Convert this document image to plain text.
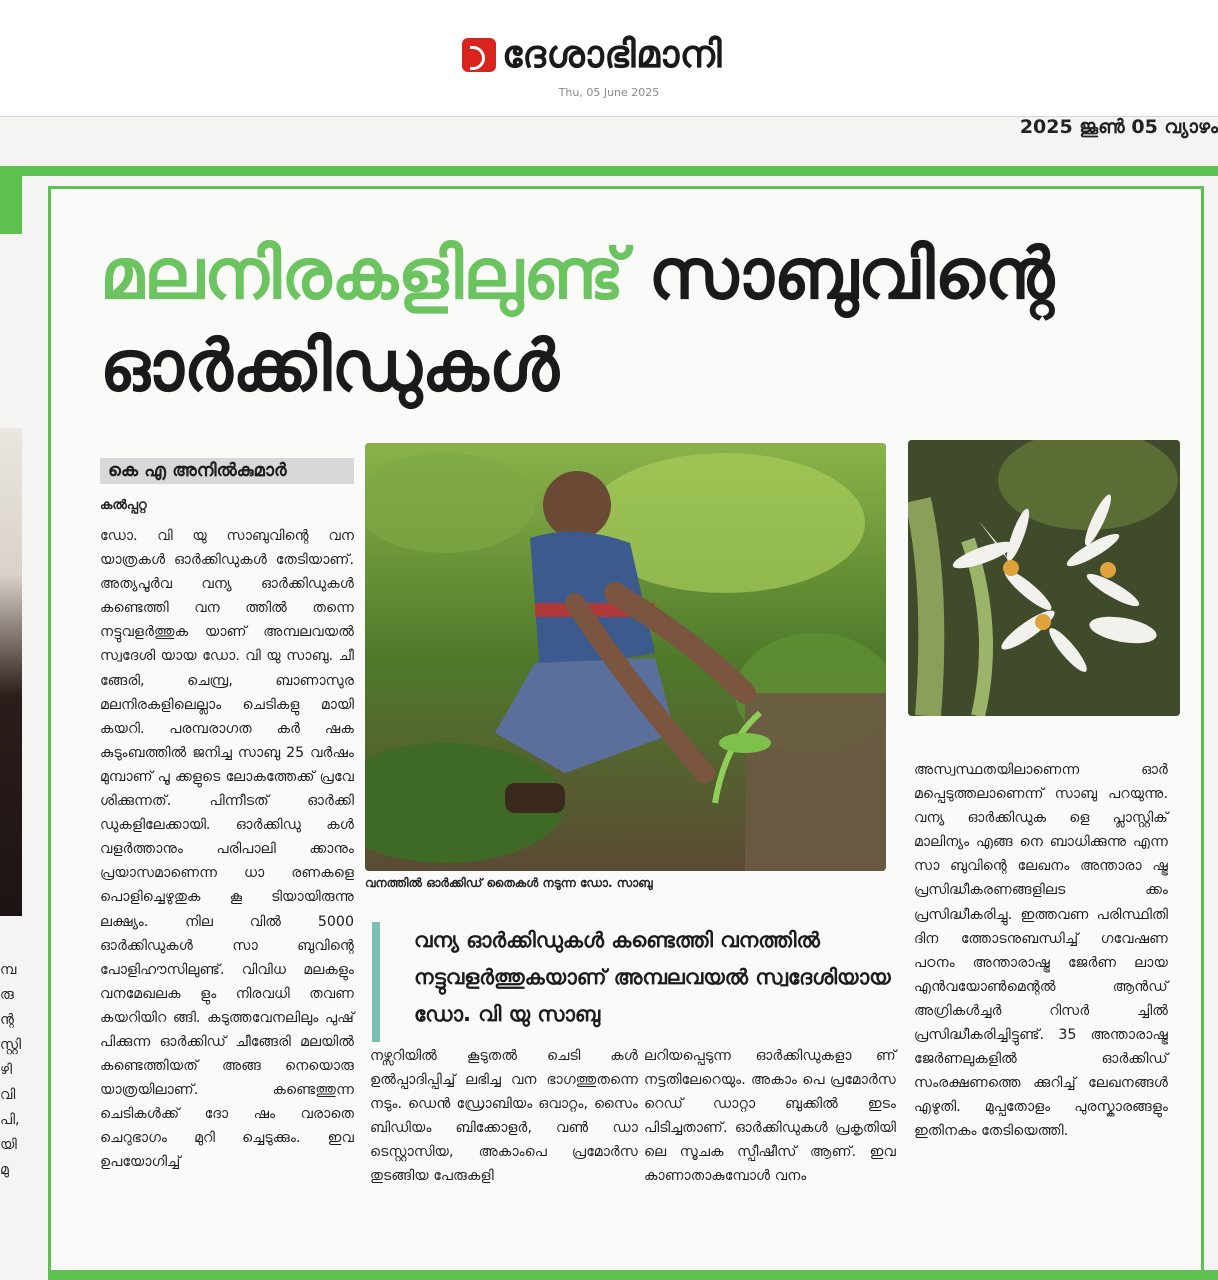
ദേശാഭിമാനി
Thu, 05 June 2025
2025 ജൂൺ 05 വ്യാഴം
മ്പ
രു
ന്റ
സ്റ്റി
ഴി
വി
പി,
യി
മു
മലനിരകളിലുണ്ട് സാബുവിന്റെ
ഓർക്കിഡുകൾ
കെ എ അനിൽകുമാർ
കൽപ്പറ്റ
ഡോ. വി യു സാബുവിന്റെ വന യാത്രകൾ ഓർക്കിഡുകൾ തേടിയാണ്. അത്യപൂർവ വന്യ ഓർക്കിഡുകൾ കണ്ടെത്തി വന ത്തിൽ തന്നെ നട്ടുവളർത്തുക യാണ് അമ്പലവയൽ സ്വദേശി യായ ഡോ. വി യു സാബു. ചീ ങ്ങേരി, ചെമ്പ്ര, ബാണാസുര മലനിരകളിലെല്ലാം ചെടികളു മായി കയറി. പരമ്പരാഗത കർ ഷക കുടുംബത്തിൽ ജനിച്ച സാബു 25 വർഷം മുമ്പാണ് പൂ ക്കളുടെ ലോകത്തേക്ക് പ്രവേ ശിക്കുന്നത്. പിന്നീടത് ഓർക്കി ഡുകളിലേക്കായി. ഓർക്കിഡു കൾ വളർത്താനും പരിപാലി ക്കാനും പ്രയാസമാണെന്ന ധാ രണകളെ പൊളിച്ചെഴുതുക കൂ ടിയായിരുന്നു ലക്ഷ്യം. നില വിൽ 5000 ഓർക്കിഡുകൾ സാ ബുവിന്റെ പോളിഹൗസിലുണ്ട്. വിവിധ മലകളും വനമേഖലക ളും നിരവധി തവണ കയറിയിറ ങ്ങി. കടുത്തവേനലിലും പുഷ് പിക്കുന്ന ഓർക്കിഡ് ചീങ്ങേരി മലയിൽ കണ്ടെത്തിയത് അങ്ങ നെയൊരു യാത്രയിലാണ്. കണ്ടെത്തുന്ന ചെടികൾക്ക് ദോ ഷം വരാതെ ചെറുഭാഗം മുറി ച്ചെടുക്കും. ഇവ ഉപയോഗിച്ച്
വനത്തിൽ ഓർക്കിഡ് തൈകൾ നടുന്ന ഡോ. സാബു
വന്യ ഓർക്കിഡുകൾ കണ്ടെത്തി വനത്തിൽ നട്ടുവളർത്തുകയാണ് അമ്പലവയൽ സ്വദേശിയായ ഡോ. വി യു സാബു
നഴ്സറിയിൽ കൂടുതൽ ചെടി കൾ ഉൽപ്പാദിപ്പിച്ച് ലഭിച്ച വന ഭാഗത്തുതന്നെ നടും. ഡെൻ ഡ്രോബിയം ഒവാറ്റം, സൈം ബിഡിയം ബിക്കോളർ, വൺ ഡാ ടെസ്റ്റാസിയ, അകാംപെ പ്രമോർസ തുടങ്ങിയ പേരുകളി
ലറിയപ്പെടുന്ന ഓർക്കിഡുകളാ ണ് നട്ടതിലേറെയും. അകാം പെ പ്രമോർസ റെഡ് ഡാറ്റാ ബുക്കിൽ ഇടം പിടിച്ചതാണ്. ഓർക്കിഡുകൾ പ്രകൃതിയി ലെ സൂചക സ്പീഷീസ് ആണ്. ഇവ കാണാതാകുമ്പോൾ വനം
അസ്വസ്ഥതയിലാണെന്ന ഓർ മപ്പെടുത്തലാണെന്ന് സാബു പറയുന്നു. വന്യ ഓർക്കിഡുക ളെ പ്ലാസ്റ്റിക് മാലിന്യം എങ്ങ നെ ബാധിക്കുന്നു എന്ന സാ ബുവിന്റെ ലേഖനം അന്താരാ ഷ്ട്ര പ്രസിദ്ധീകരണങ്ങളിലട ക്കം പ്രസിദ്ധീകരിച്ചു. ഇത്തവണ പരിസ്ഥിതി ദിന ത്തോടനുബന്ധിച്ച് ഗവേഷണ പഠനം അന്താരാഷ്ട്ര ജേർണ ലായ എൻവയോൺമെന്റൽ ആൻഡ് അഗ്രികൾച്ചർ റിസർ ച്ചിൽ പ്രസിദ്ധീകരിച്ചിട്ടുണ്ട്. 35 അന്താരാഷ്ട്ര ജേർണലുകളിൽ ഓർക്കിഡ് സംരക്ഷണത്തെ ക്കുറിച്ച് ലേഖനങ്ങൾ എഴുതി. മുപ്പതോളം പുരസ്കാരങ്ങളും ഇതിനകം തേടിയെത്തി.
